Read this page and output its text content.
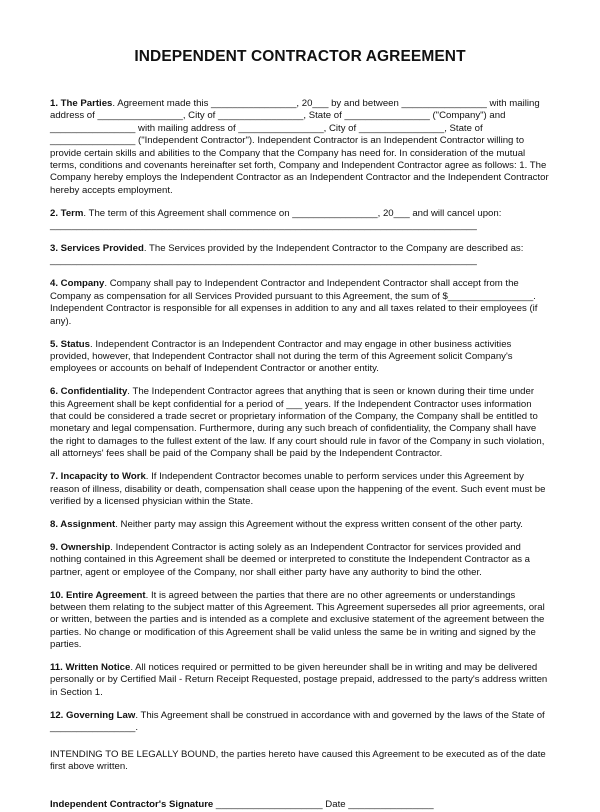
INDEPENDENT CONTRACTOR AGREEMENT
1. The Parties. Agreement made this ________________, 20___ by and between ________________ with mailing address of ________________, City of ________________, State of ________________ ("Company") and ________________ with mailing address of ________________, City of ________________, State of ________________ ("Independent Contractor"). Independent Contractor is an Independent Contractor willing to provide certain skills and abilities to the Company that the Company has need for. In consideration of the mutual terms, conditions and covenants hereinafter set forth, Company and Independent Contractor agree as follows: 1. The Company hereby employs the Independent Contractor as an Independent Contractor and the Independent Contractor hereby accepts employment.
2. Term. The term of this Agreement shall commence on ________________, 20___ and will cancel upon: ________________________________________________________________________________
3. Services Provided. The Services provided by the Independent Contractor to the Company are described as: ________________________________________________________________________________
4. Company. Company shall pay to Independent Contractor and Independent Contractor shall accept from the Company as compensation for all Services Provided pursuant to this Agreement, the sum of $________________. Independent Contractor is responsible for all expenses in addition to any and all taxes related to their employees (if any).
5. Status. Independent Contractor is an Independent Contractor and may engage in other business activities provided, however, that Independent Contractor shall not during the term of this Agreement solicit Company's employees or accounts on behalf of Independent Contractor or another entity.
6. Confidentiality. The Independent Contractor agrees that anything that is seen or known during their time under this Agreement shall be kept confidential for a period of ___ years. If the Independent Contractor uses information that could be considered a trade secret or proprietary information of the Company, the Company shall be entitled to monetary and legal compensation. Furthermore, during any such breach of confidentiality, the Company shall have the right to damages to the fullest extent of the law. If any court should rule in favor of the Company in such violation, all attorneys' fees shall be paid of the Company shall be paid by the Independent Contractor.
7. Incapacity to Work. If Independent Contractor becomes unable to perform services under this Agreement by reason of illness, disability or death, compensation shall cease upon the happening of the event. Such event must be verified by a licensed physician within the State.
8. Assignment. Neither party may assign this Agreement without the express written consent of the other party.
9. Ownership. Independent Contractor is acting solely as an Independent Contractor for services provided and nothing contained in this Agreement shall be deemed or interpreted to constitute the Independent Contractor as a partner, agent or employee of the Company, nor shall either party have any authority to bind the other.
10. Entire Agreement. It is agreed between the parties that there are no other agreements or understandings between them relating to the subject matter of this Agreement. This Agreement supersedes all prior agreements, oral or written, between the parties and is intended as a complete and exclusive statement of the agreement between the parties. No change or modification of this Agreement shall be valid unless the same be in writing and signed by the parties.
11. Written Notice. All notices required or permitted to be given hereunder shall be in writing and may be delivered personally or by Certified Mail - Return Receipt Requested, postage prepaid, addressed to the party's address written in Section 1.
12. Governing Law. This Agreement shall be construed in accordance with and governed by the laws of the State of ________________.
INTENDING TO BE LEGALLY BOUND, the parties hereto have caused this Agreement to be executed as of the date first above written.
Independent Contractor's Signature ____________________ Date ________________
